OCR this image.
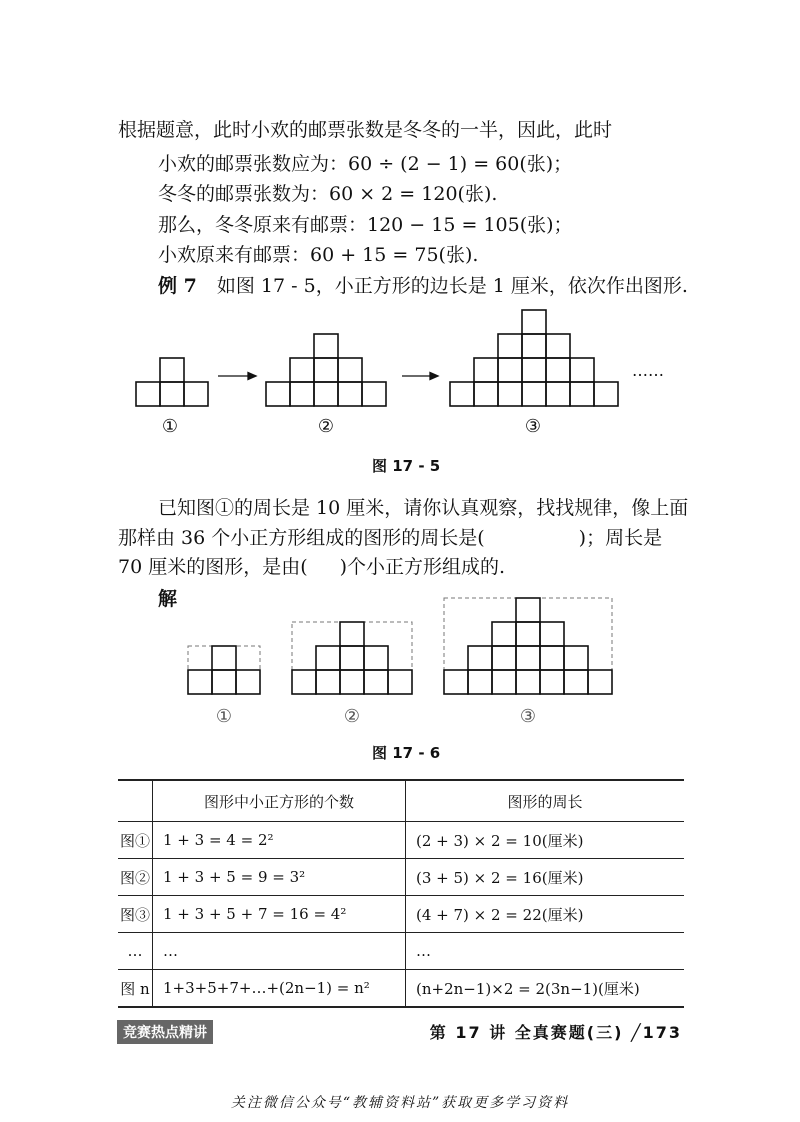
根据题意，此时小欢的邮票张数是冬冬的一半，因此，此时
小欢的邮票张数应为：60 ÷ (2 − 1) = 60(张)；
冬冬的邮票张数为：60 × 2 = 120(张).
那么，冬冬原来有邮票：120 − 15 = 105(张)；
小欢原来有邮票：60 + 15 = 75(张).
例 7 如图 17 - 5，小正方形的边长是 1 厘米，依次作出图形.
……
①	②	③
图 17 - 5
已知图①的周长是 10 厘米，请你认真观察，找找规律，像上面
那样由 36 个小正方形组成的图形的周长是(	)；周长是
70 厘米的图形，是由( )个小正方形组成的.
解
①	②	③
图 17 - 6
	图形中小正方形的个数	图形的周长
图①	1 + 3 = 4 = 2²	(2 + 3) × 2 = 10(厘米)
图②	1 + 3 + 5 = 9 = 3²	(3 + 5) × 2 = 16(厘米)
图③	1 + 3 + 5 + 7 = 16 = 4²	(4 + 7) × 2 = 22(厘米)
…	…	…
图 n	1+3+5+7+…+(2n−1) = n²	(n+2n−1)×2 = 2(3n−1)(厘米)
竞赛热点精讲	第 17 讲 全真赛题(三) ╱173
关注微信公众号“教辅资料站”获取更多学习资料
